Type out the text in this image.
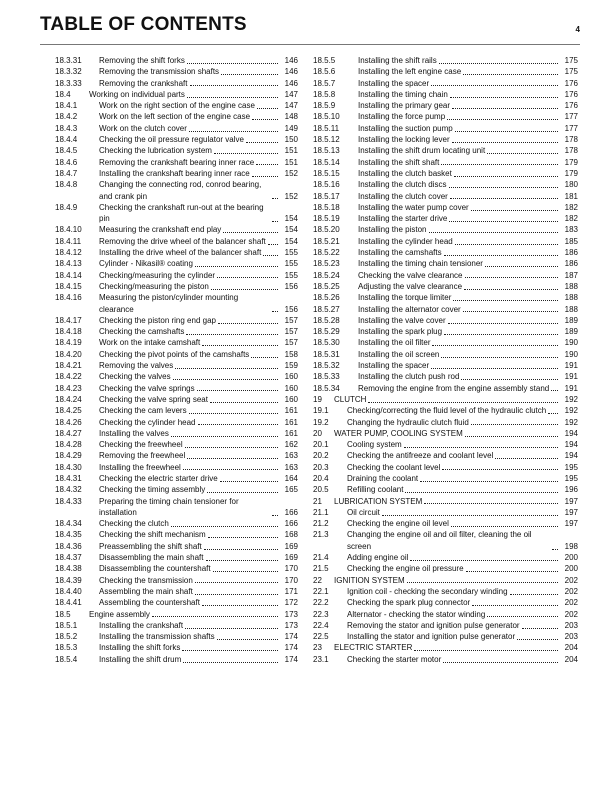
TABLE OF CONTENTS	4
18.3.31 Removing the shift forks	146
18.3.32 Removing the transmission shafts	146
18.3.33 Removing the crankshaft	146
18.4 Working on individual parts	147
18.4.1	Work on the right section of the engine case	147
18.4.2	Work on the left section of the engine case	148
18.4.3	Work on the clutch cover	149
18.4.4	Checking the oil pressure regulator valve	150
18.4.5	Checking the lubrication system	151
18.4.6	Removing the crankshaft bearing inner race	151
18.4.7	Installing the crankshaft bearing inner race	152
18.4.8	Changing the connecting rod, conrod bearing, and crank pin	152
18.4.9	Checking the crankshaft run-out at the bearing pin	154
18.4.10 Measuring the crankshaft end play	154
18.4.11 Removing the drive wheel of the balancer shaft	154
18.4.12 Installing the drive wheel of the balancer shaft	155
18.4.13 Cylinder - Nikasil® coating	155
18.4.14 Checking/measuring the cylinder	155
18.4.15 Checking/measuring the piston	156
18.4.16 Measuring the piston/cylinder mounting clearance	156
18.4.17 Checking the piston ring end gap	157
18.4.18 Checking the camshafts	157
18.4.19 Work on the intake camshaft	157
18.4.20 Checking the pivot points of the camshafts	158
18.4.21 Removing the valves	159
18.4.22 Checking the valves	160
18.4.23 Checking the valve springs	160
18.4.24 Checking the valve spring seat	160
18.4.25 Checking the cam levers	161
18.4.26 Checking the cylinder head	161
18.4.27 Installing the valves	161
18.4.28 Checking the freewheel	162
18.4.29 Removing the freewheel	163
18.4.30 Installing the freewheel	163
18.4.31 Checking the electric starter drive	164
18.4.32 Checking the timing assembly	165
18.4.33 Preparing the timing chain tensioner for installation	166
18.4.34 Checking the clutch	166
18.4.35 Checking the shift mechanism	168
18.4.36 Preassembling the shift shaft	169
18.4.37 Disassembling the main shaft	169
18.4.38 Disassembling the countershaft	170
18.4.39 Checking the transmission	170
18.4.40 Assembling the main shaft	171
18.4.41 Assembling the countershaft	172
18.5 Engine assembly	173
18.5.1	Installing the crankshaft	173
18.5.2	Installing the transmission shafts	174
18.5.3	Installing the shift forks	174
18.5.4	Installing the shift drum	174
18.5.5	Installing the shift rails	175
18.5.6	Installing the left engine case	175
18.5.7	Installing the spacer	176
18.5.8	Installing the timing chain	176
18.5.9	Installing the primary gear	176
18.5.10 Installing the force pump	177
18.5.11 Installing the suction pump	177
18.5.12 Installing the locking lever	178
18.5.13 Installing the shift drum locating unit	178
18.5.14 Installing the shift shaft	179
18.5.15 Installing the clutch basket	179
18.5.16 Installing the clutch discs	180
18.5.17 Installing the clutch cover	181
18.5.18 Installing the water pump cover	182
18.5.19 Installing the starter drive	182
18.5.20 Installing the piston	183
18.5.21 Installing the cylinder head	185
18.5.22 Installing the camshafts	186
18.5.23 Installing the timing chain tensioner	186
18.5.24 Checking the valve clearance	187
18.5.25 Adjusting the valve clearance	188
18.5.26 Installing the torque limiter	188
18.5.27 Installing the alternator cover	188
18.5.28 Installing the valve cover	189
18.5.29 Installing the spark plug	189
18.5.30 Installing the oil filter	190
18.5.31 Installing the oil screen	190
18.5.32 Installing the spacer	191
18.5.33 Installing the clutch push rod	191
18.5.34 Removing the engine from the engine assembly stand	191
19 CLUTCH	192
19.1 Checking/correcting the fluid level of the hydraulic clutch	192
19.2 Changing the hydraulic clutch fluid	192
20 WATER PUMP, COOLING SYSTEM	194
20.1 Cooling system	194
20.2 Checking the antifreeze and coolant level	194
20.3 Checking the coolant level	195
20.4 Draining the coolant	195
20.5 Refilling coolant	196
21 LUBRICATION SYSTEM	197
21.1 Oil circuit	197
21.2 Checking the engine oil level	197
21.3 Changing the engine oil and oil filter, cleaning the oil screen	198
21.4 Adding engine oil	200
21.5 Checking the engine oil pressure	200
22 IGNITION SYSTEM	202
22.1 Ignition coil - checking the secondary winding	202
22.2 Checking the spark plug connector	202
22.3 Alternator - checking the stator winding	202
22.4 Removing the stator and ignition pulse generator	203
22.5 Installing the stator and ignition pulse generator	203
23 ELECTRIC STARTER	204
23.1 Checking the starter motor	204
